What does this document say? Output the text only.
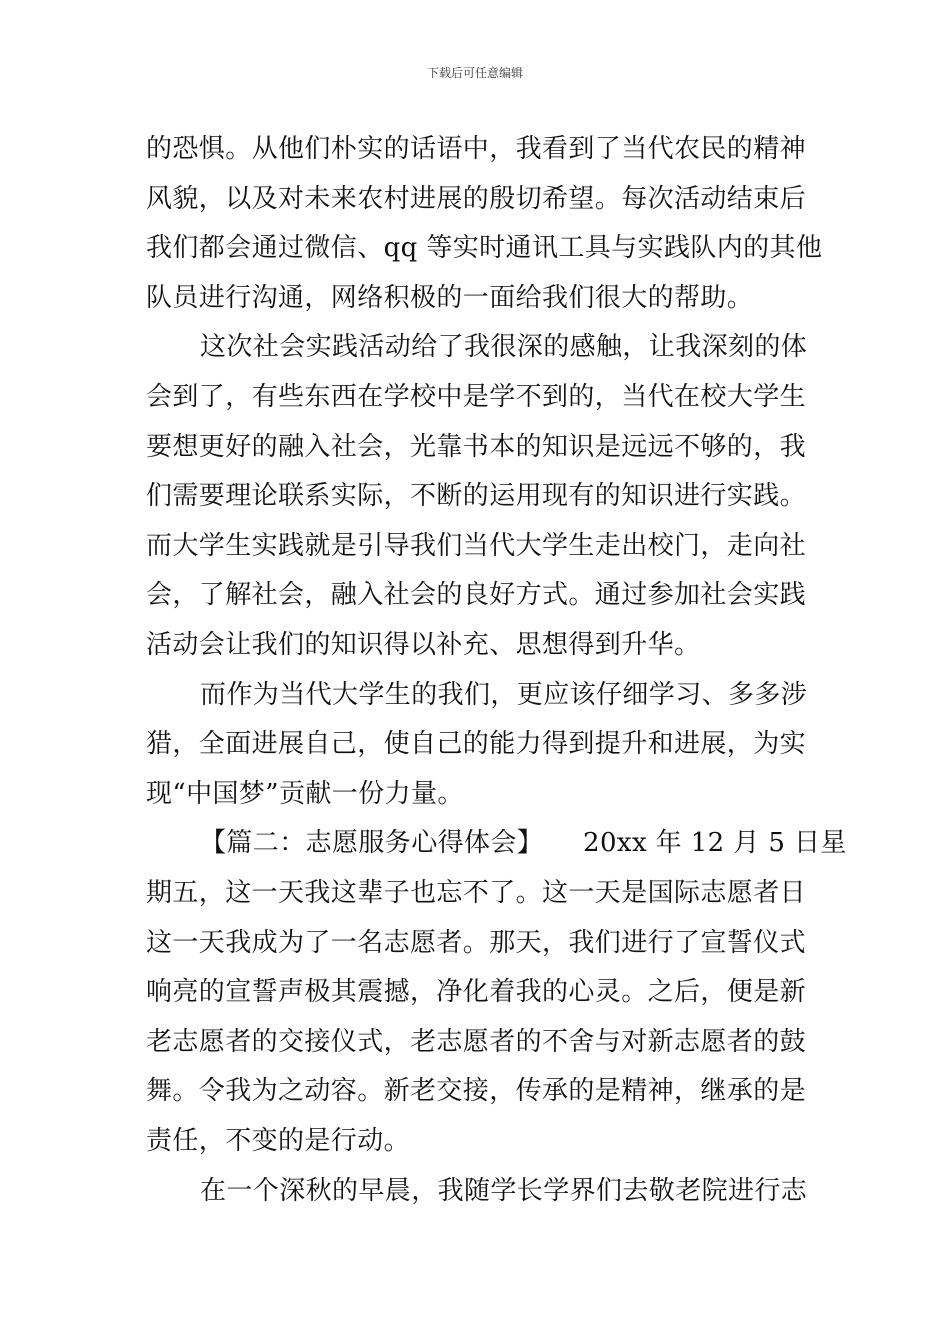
下载后可任意编辑
的恐惧。从他们朴实的话语中，我看到了当代农民的精神
风貌，以及对未来农村进展的殷切希望。每次活动结束后
我们都会通过微信、qq 等实时通讯工具与实践队内的其他
队员进行沟通，网络积极的一面给我们很大的帮助。
这次社会实践活动给了我很深的感触，让我深刻的体
会到了，有些东西在学校中是学不到的，当代在校大学生
要想更好的融入社会，光靠书本的知识是远远不够的，我
们需要理论联系实际，不断的运用现有的知识进行实践。
而大学生实践就是引导我们当代大学生走出校门，走向社
会，了解社会，融入社会的良好方式。通过参加社会实践
活动会让我们的知识得以补充、思想得到升华。
而作为当代大学生的我们，更应该仔细学习、多多涉
猎，全面进展自己，使自己的能力得到提升和进展，为实
现“中国梦”贡献一份力量。
【篇二：志愿服务心得体会】　　20xx 年 12 月 5 日星
期五，这一天我这辈子也忘不了。这一天是国际志愿者日
这一天我成为了一名志愿者。那天，我们进行了宣誓仪式
响亮的宣誓声极其震撼，净化着我的心灵。之后，便是新
老志愿者的交接仪式，老志愿者的不舍与对新志愿者的鼓
舞。令我为之动容。新老交接，传承的是精神，继承的是
责任，不变的是行动。
在一个深秋的早晨，我随学长学界们去敬老院进行志
